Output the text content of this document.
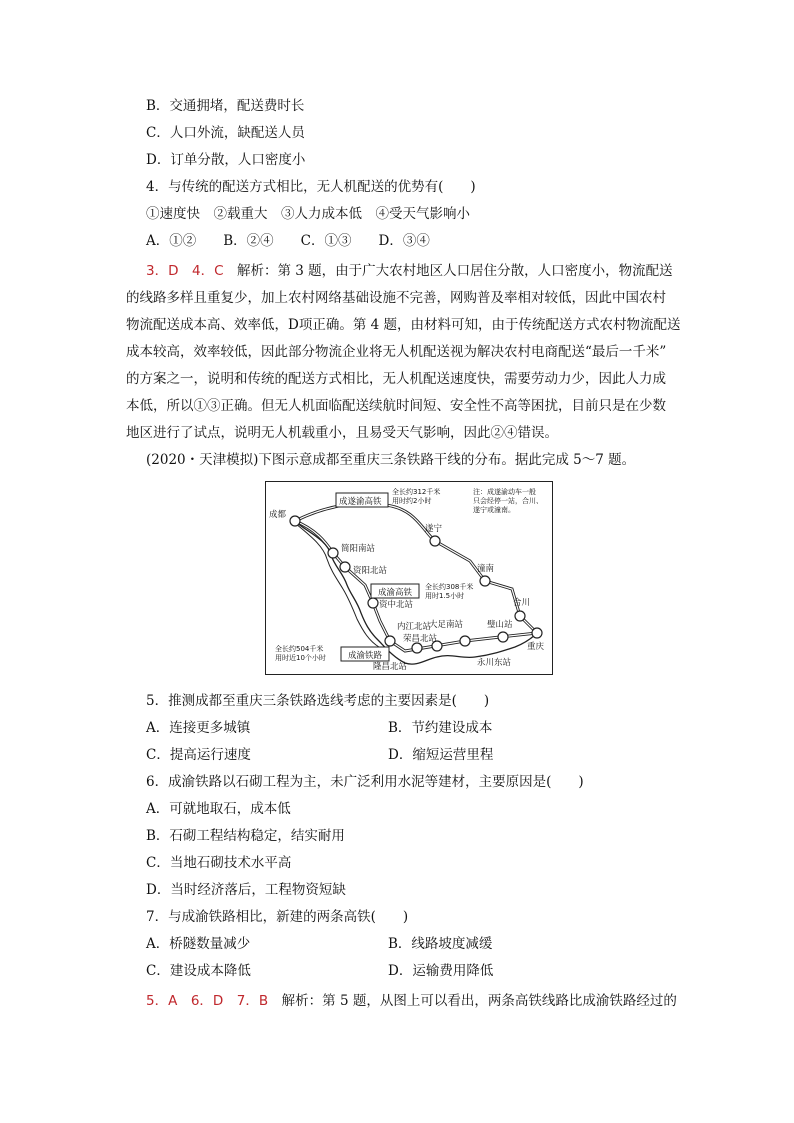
B．交通拥堵，配送费时长
C．人口外流，缺配送人员
D．订单分散，人口密度小
4．与传统的配送方式相比，无人机配送的优势有(　　)
①速度快　②载重大　③人力成本低　④受天气影响小
A．①②　　B．②④　　C．①③　　D．③④
3．D　4．C　解析：第 3 题，由于广大农村地区人口居住分散，人口密度小，物流配送
的线路多样且重复少，加上农村网络基础设施不完善，网购普及率相对较低，因此中国农村
物流配送成本高、效率低，D项正确。第 4 题，由材料可知，由于传统配送方式农村物流配送
成本较高，效率较低，因此部分物流企业将无人机配送视为解决农村电商配送“最后一千米”
的方案之一，说明和传统的配送方式相比，无人机配送速度快，需要劳动力少，因此人力成
本低，所以①③正确。但无人机面临配送续航时间短、安全性不高等困扰，目前只是在少数
地区进行了试点，说明无人机载重小，且易受天气影响，因此②④错误。
(2020・天津模拟)下图示意成都至重庆三条铁路干线的分布。据此完成 5～7 题。
成都
重庆
遂宁
潼南
合川
简阳南站
资阳北站
资中北站
内江北站
荣昌北站
大足南站	璧山站
永川东站
隆昌北站
成遂渝高铁
成渝高铁
成渝铁路
全长约312千米
用时约2小时
全长约308千米
用时1.5小时
全长约504千米
用时近10个小时
注：成遂渝动车一般
只会经停一站，合川、
遂宁或潼南。
5．推测成都至重庆三条铁路选线考虑的主要因素是(　　)
A．连接更多城镇	B．节约建设成本
C．提高运行速度	D．缩短运营里程
6．成渝铁路以石砌工程为主，未广泛利用水泥等建材，主要原因是(　　)
A．可就地取石，成本低
B．石砌工程结构稳定，结实耐用
C．当地石砌技术水平高
D．当时经济落后，工程物资短缺
7．与成渝铁路相比，新建的两条高铁(　　)
A．桥隧数量减少	B．线路坡度减缓
C．建设成本降低	D．运输费用降低
5．A　6．D　7．B　解析：第 5 题，从图上可以看出，两条高铁线路比成渝铁路经过的
